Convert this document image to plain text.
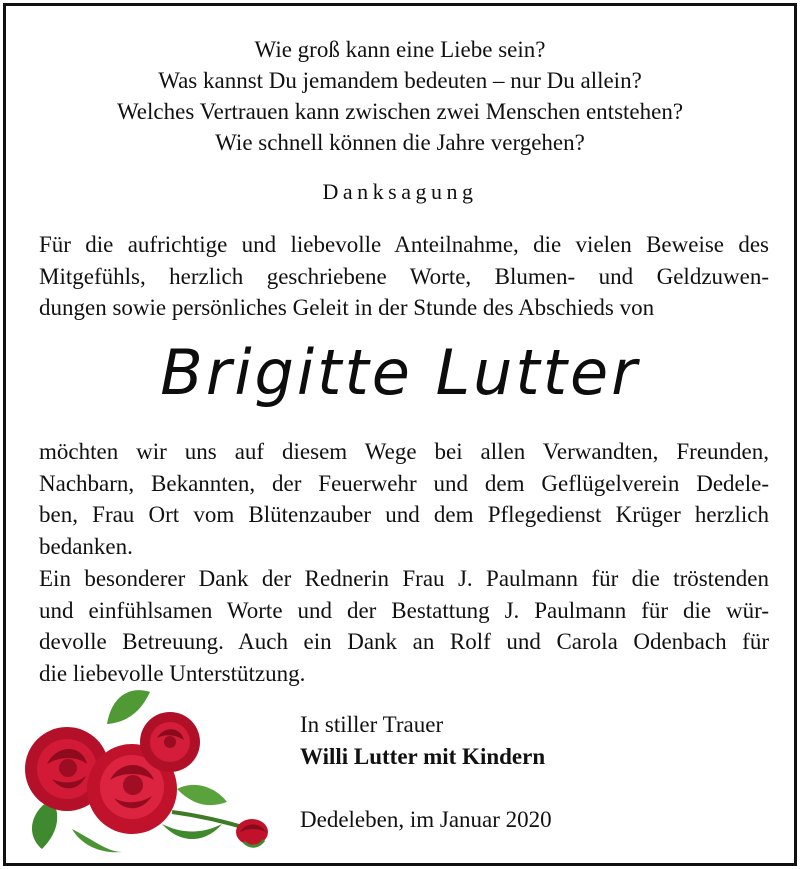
Wie groß kann eine Liebe sein?
Was kannst Du jemandem bedeuten – nur Du allein?
Welches Vertrauen kann zwischen zwei Menschen entstehen?
Wie schnell können die Jahre vergehen?
Danksagung
Für die aufrichtige und liebevolle Anteilnahme, die vielen Beweise des
Mitgefühls, herzlich geschriebene Worte, Blumen- und Geldzuwen-
dungen sowie persönliches Geleit in der Stunde des Abschieds von
Brigitte Lutter
möchten wir uns auf diesem Wege bei allen Verwandten, Freunden,
Nachbarn, Bekannten, der Feuerwehr und dem Geflügelverein Dedele-
ben, Frau Ort vom Blütenzauber und dem Pflegedienst Krüger herzlich
bedanken.
Ein besonderer Dank der Rednerin Frau J. Paulmann für die tröstenden
und einfühlsamen Worte und der Bestattung J. Paulmann für die wür-
devolle Betreuung. Auch ein Dank an Rolf und Carola Odenbach für
die liebevolle Unterstützung.
In stiller Trauer
Willi Lutter mit Kindern
Dedeleben, im Januar 2020
